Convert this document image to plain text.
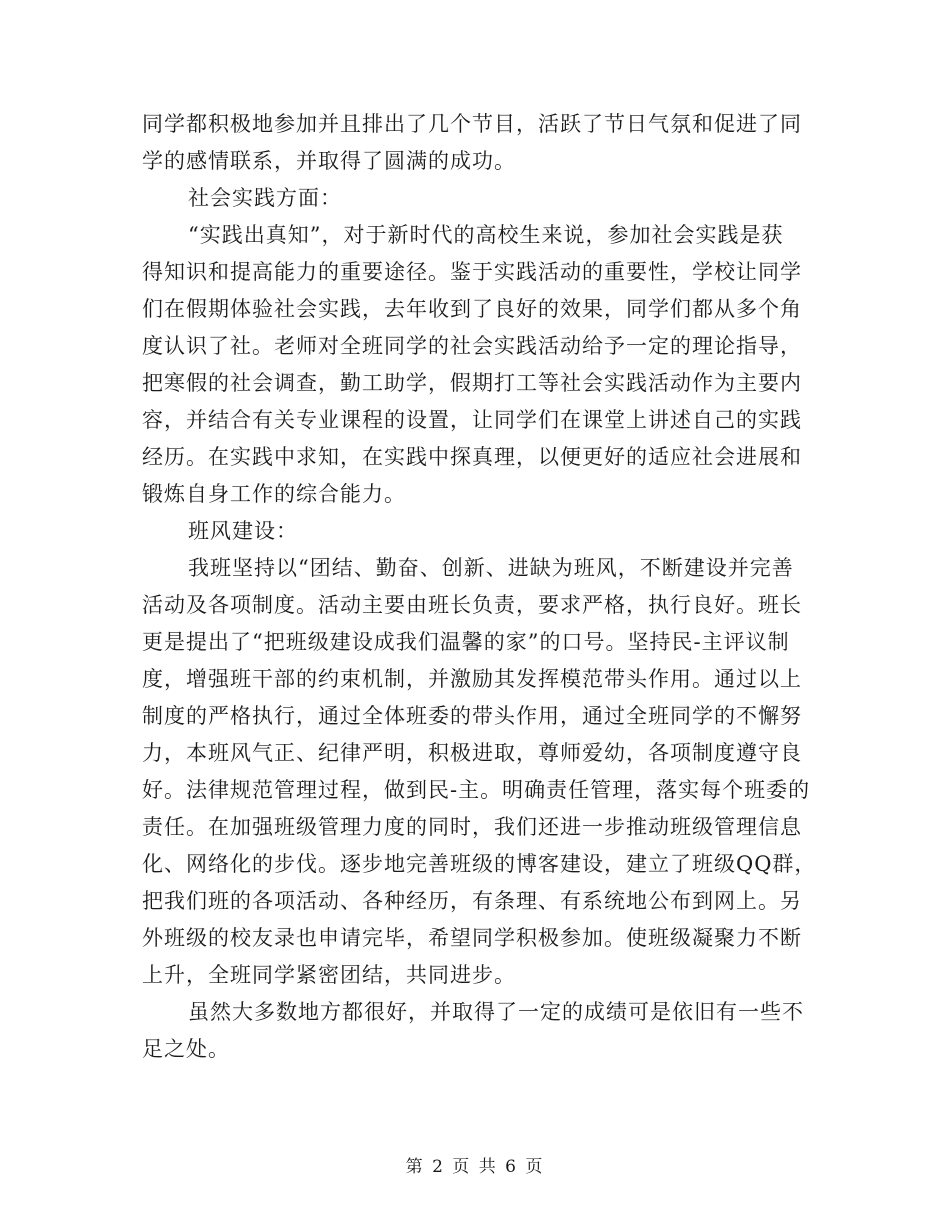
同学都积极地参加并且排出了几个节目，活跃了节日气氛和促进了同
学的感情联系，并取得了圆满的成功。
社会实践方面：
“实践出真知”，对于新时代的高校生来说，参加社会实践是获
得知识和提高能力的重要途径。鉴于实践活动的重要性，学校让同学
们在假期体验社会实践，去年收到了良好的效果，同学们都从多个角
度认识了社。老师对全班同学的社会实践活动给予一定的理论指导，
把寒假的社会调查，勤工助学，假期打工等社会实践活动作为主要内
容，并结合有关专业课程的设置，让同学们在课堂上讲述自己的实践
经历。在实践中求知，在实践中探真理，以便更好的适应社会进展和
锻炼自身工作的综合能力。
班风建设：
我班坚持以“团结、勤奋、创新、进缺为班风，不断建设并完善
活动及各项制度。活动主要由班长负责，要求严格，执行良好。班长
更是提出了“把班级建设成我们温馨的家”的口号。坚持民-主评议制
度，增强班干部的约束机制，并激励其发挥模范带头作用。通过以上
制度的严格执行，通过全体班委的带头作用，通过全班同学的不懈努
力，本班风气正、纪律严明，积极进取，尊师爱幼，各项制度遵守良
好。法律规范管理过程，做到民-主。明确责任管理，落实每个班委的
责任。在加强班级管理力度的同时，我们还进一步推动班级管理信息
化、网络化的步伐。逐步地完善班级的博客建设，建立了班级QQ群，
把我们班的各项活动、各种经历，有条理、有系统地公布到网上。另
外班级的校友录也申请完毕，希望同学积极参加。使班级凝聚力不断
上升，全班同学紧密团结，共同进步。
虽然大多数地方都很好，并取得了一定的成绩可是依旧有一些不
足之处。
第 2 页 共 6 页
